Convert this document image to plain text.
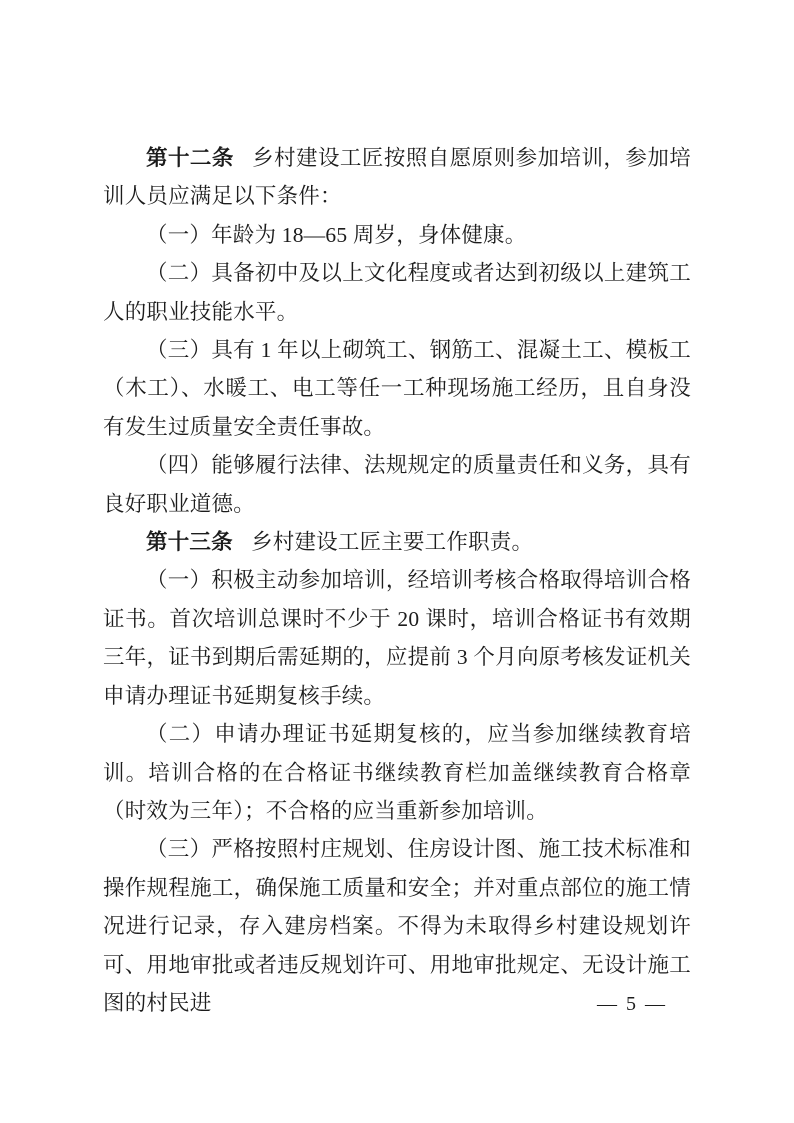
第十二条 乡村建设工匠按照自愿原则参加培训，参加培训人员应满足以下条件：

（一）年龄为 18—65 周岁，身体健康。

（二）具备初中及以上文化程度或者达到初级以上建筑工人的职业技能水平。

（三）具有 1 年以上砌筑工、钢筋工、混凝土工、模板工（木工）、水暖工、电工等任一工种现场施工经历，且自身没有发生过质量安全责任事故。

（四）能够履行法律、法规规定的质量责任和义务，具有良好职业道德。

第十三条 乡村建设工匠主要工作职责。

（一）积极主动参加培训，经培训考核合格取得培训合格证书。首次培训总课时不少于 20 课时，培训合格证书有效期三年，证书到期后需延期的，应提前 3 个月向原考核发证机关申请办理证书延期复核手续。

（二）申请办理证书延期复核的，应当参加继续教育培训。培训合格的在合格证书继续教育栏加盖继续教育合格章（时效为三年）；不合格的应当重新参加培训。

（三）严格按照村庄规划、住房设计图、施工技术标准和操作规程施工，确保施工质量和安全；并对重点部位的施工情况进行记录，存入建房档案。不得为未取得乡村建设规划许可、用地审批或者违反规划许可、用地审批规定、无设计施工图的村民进	— 5 —
